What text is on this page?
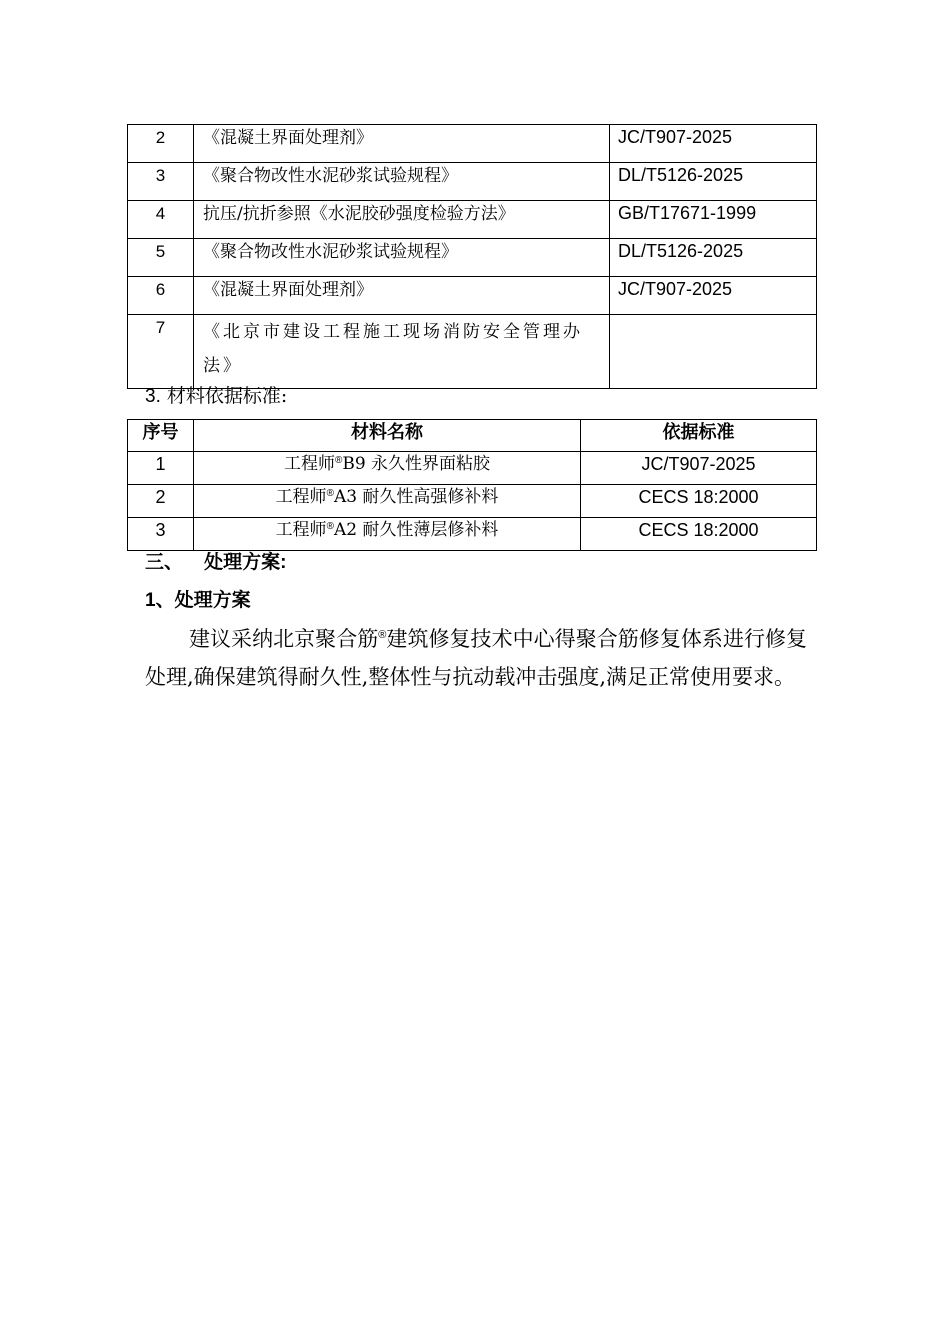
2	《混凝土界面处理剂》	JC/T907-2025
3	《聚合物改性水泥砂浆试验规程》	DL/T5126-2025
4	抗压/抗折参照《水泥胶砂强度检验方法》	GB/T17671-1999
5	《聚合物改性水泥砂浆试验规程》	DL/T5126-2025
6	《混凝土界面处理剂》	JC/T907-2025
7	《北京市建设工程施工现场消防安全管理办法》	
3. 材料依据标准:
序号	材料名称	依据标准
1	工程师®B9 永久性界面粘胶	JC/T907-2025
2	工程师®A3 耐久性高强修补料	CECS 18:2000
3	工程师®A2 耐久性薄层修补料	CECS 18:2000
三、 处理方案:
1、处理方案
建议采纳北京聚合筋®建筑修复技术中心得聚合筋修复体系进行修复处理,确保建筑得耐久性,整体性与抗动载冲击强度,满足正常使用要求。
